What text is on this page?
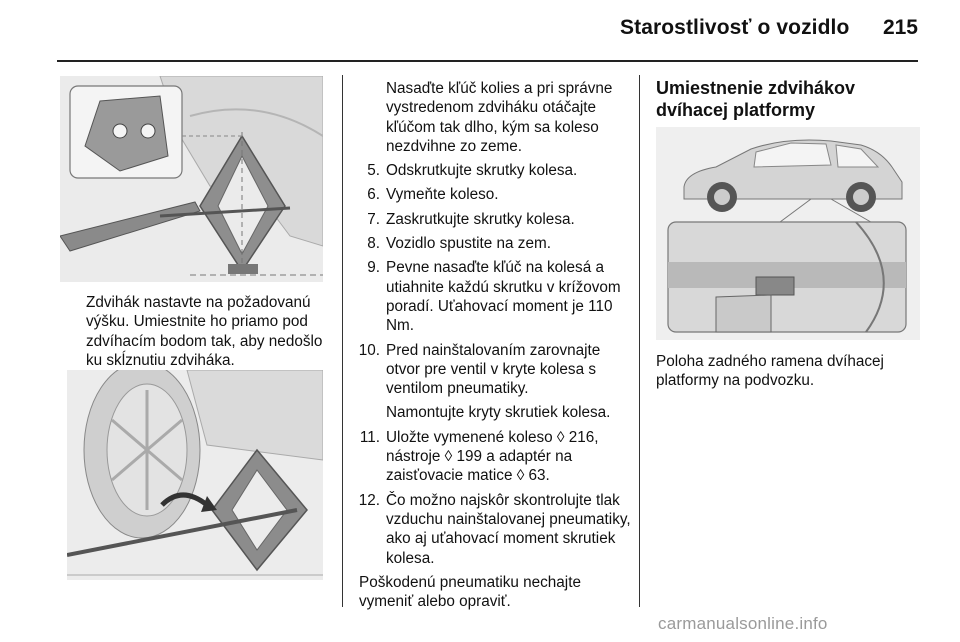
Starostlivosť o vozidlo 215
Zdvihák nastavte na požadovanú výšku. Umiestnite ho priamo pod zdvíhacím bodom tak, aby nedošlo ku skĺznutiu zdviháka.
Nasaďte kľúč kolies a pri správne vystredenom zdviháku otáčajte kľúčom tak dlho, kým sa koleso nezdvihne zo zeme.
5. Odskrutkujte skrutky kolesa.
6. Vymeňte koleso.
7. Zaskrutkujte skrutky kolesa.
8. Vozidlo spustite na zem.
9. Pevne nasaďte kľúč na kolesá a utiahnite každú skrutku v krížovom poradí. Uťahovací moment je 110 Nm.
10. Pred nainštalovaním zarovnajte otvor pre ventil v kryte kolesa s ventilom pneumatiky.
Namontujte kryty skrutiek kolesa.
11. Uložte vymenené koleso ◊ 216, nástroje ◊ 199 a adaptér na zaisťovacie matice ◊ 63.
12. Čo možno najskôr skontrolujte tlak vzduchu nainštalovanej pneumatiky, ako aj uťahovací moment skrutiek kolesa.
Poškodenú pneumatiku nechajte vymeniť alebo opraviť.
Umiestnenie zdvihákov dvíhacej platformy
Poloha zadného ramena dvíhacej platformy na podvozku.
carmanualsonline.info
